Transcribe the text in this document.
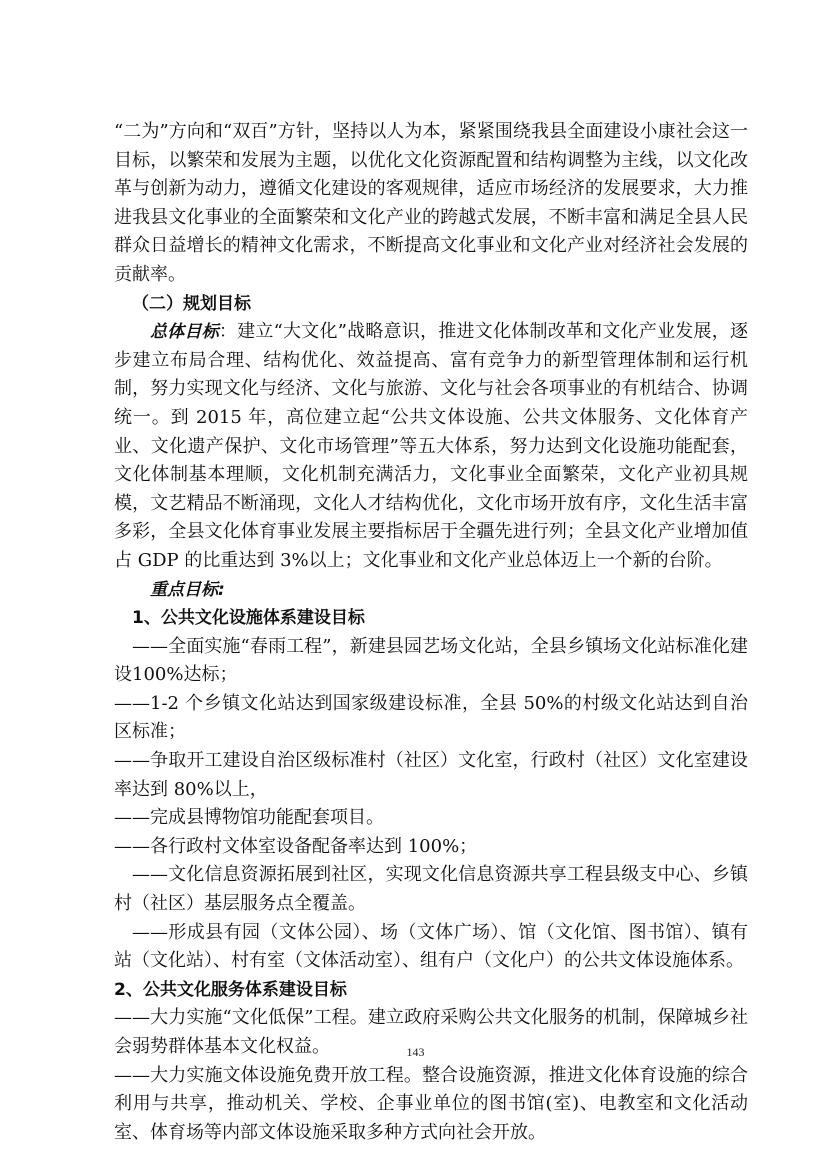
“二为”方向和“双百”方针，坚持以人为本，紧紧围绕我县全面建设小康社会这一目标，以繁荣和发展为主题，以优化文化资源配置和结构调整为主线，以文化改革与创新为动力，遵循文化建设的客观规律，适应市场经济的发展要求，大力推进我县文化事业的全面繁荣和文化产业的跨越式发展，不断丰富和满足全县人民群众日益增长的精神文化需求，不断提高文化事业和文化产业对经济社会发展的贡献率。

（二）规划目标

总体目标：建立“大文化”战略意识，推进文化体制改革和文化产业发展，逐步建立布局合理、结构优化、效益提高、富有竞争力的新型管理体制和运行机制，努力实现文化与经济、文化与旅游、文化与社会各项事业的有机结合、协调统一。到 2015 年，高位建立起“公共文体设施、公共文体服务、文化体育产业、文化遗产保护、文化市场管理”等五大体系，努力达到文化设施功能配套，文化体制基本理顺，文化机制充满活力，文化事业全面繁荣，文化产业初具规模，文艺精品不断涌现，文化人才结构优化，文化市场开放有序，文化生活丰富多彩，全县文化体育事业发展主要指标居于全疆先进行列；全县文化产业增加值占 GDP 的比重达到 3%以上；文化事业和文化产业总体迈上一个新的台阶。

重点目标:

1、公共文化设施体系建设目标

——全面实施“春雨工程”，新建县园艺场文化站，全县乡镇场文化站标准化建设100%达标；

——1-2 个乡镇文化站达到国家级建设标准，全县 50%的村级文化站达到自治区标准；

——争取开工建设自治区级标准村（社区）文化室，行政村（社区）文化室建设率达到 80%以上，

——完成县博物馆功能配套项目。

——各行政村文体室设备配备率达到 100%；

——文化信息资源拓展到社区，实现文化信息资源共享工程县级支中心、乡镇村（社区）基层服务点全覆盖。

——形成县有园（文体公园）、场（文体广场）、馆（文化馆、图书馆）、镇有站（文化站）、村有室（文体活动室）、组有户（文化户）的公共文体设施体系。

2、公共文化服务体系建设目标

——大力实施“文化低保”工程。建立政府采购公共文化服务的机制，保障城乡社会弱势群体基本文化权益。

——大力实施文体设施免费开放工程。整合设施资源，推进文化体育设施的综合利用与共享，推动机关、学校、企事业单位的图书馆(室)、电教室和文化活动室、体育场等内部文体设施采取多种方式向社会开放。

143
